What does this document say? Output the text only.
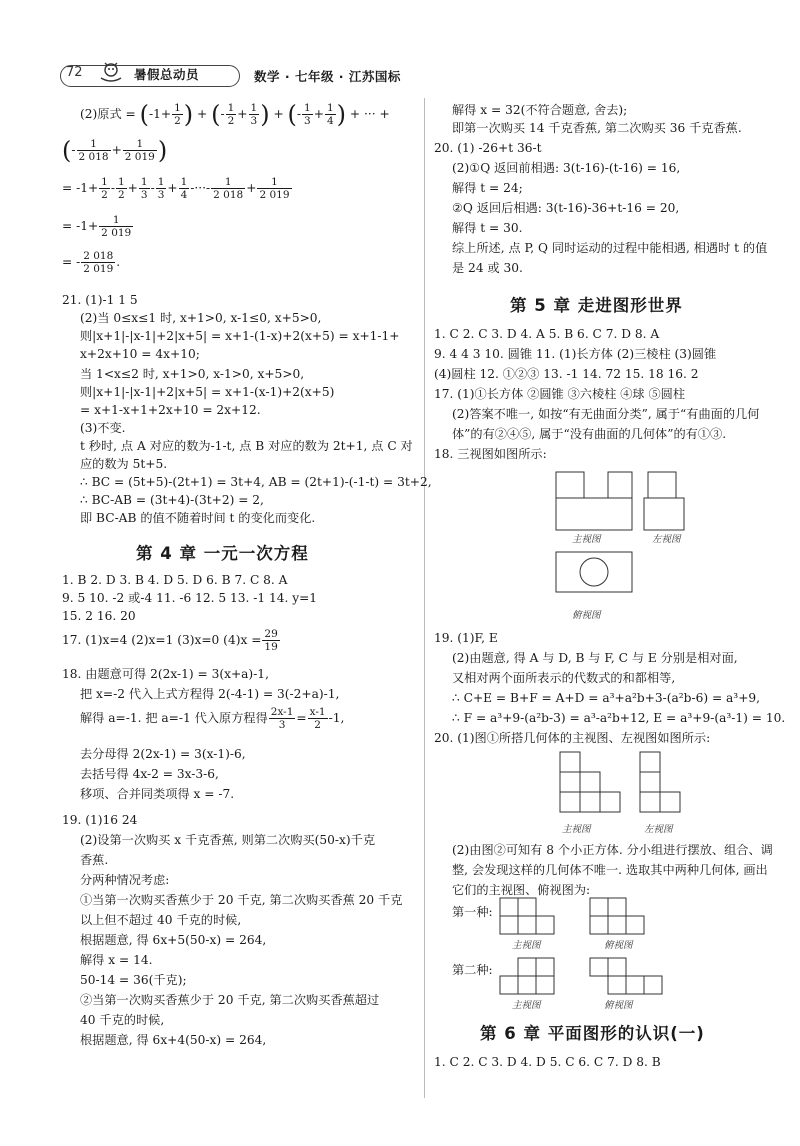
72	暑假总动员	数学 · 七年级 · 江苏国标
(2)原式 = ($-1+ \frac{1}{2}$ ) + (- $\frac{1}{2} + \frac{1}{3}$ ) + (- $\frac{1}{3} + \frac{1}{4}$ ) + ··· +
(- $\frac{1}{2 018} + \frac{1}{2 019}$ )
= $-1+ \frac{1}{2} - \frac{1}{2} + \frac{1}{3} - \frac{1}{3} + \frac{1}{4}$ -···- $\frac{1}{2 018} + \frac{1}{2 019}$
= $-1+ \frac{1}{2 019}$
= - $\frac{2 018}{2 019}$ .
21. (1)-1 1 5
(2)当 0≤x≤1 时, x+1>0, x-1≤0, x+5>0,
则|x+1|-|x-1|+2|x+5| = x+1-(1-x)+2(x+5) = x+1-1+
x+2x+10 = 4x+10;
当 1<x≤2 时, x+1>0, x-1>0, x+5>0,
则|x+1|-|x-1|+2|x+5| = x+1-(x-1)+2(x+5)
= x+1-x+1+2x+10 = 2x+12.
(3)不变.
t 秒时, 点 A 对应的数为-1-t, 点 B 对应的数为 2t+1, 点 C 对
应的数为 5t+5.
∴ BC = (5t+5)-(2t+1) = 3t+4, AB = (2t+1)-(-1-t) = 3t+2,
∴ BC-AB = (3t+4)-(3t+2) = 2,
即 BC-AB 的值不随着时间 t 的变化而变化.
第 4 章 一元一次方程
1. B 2. D 3. B 4. D 5. D 6. B 7. C 8. A
9. 5 10. -2 或-4 11. -6 12. 5 13. -1 14. y=1
15. 2 16. 20
17. (1)x=4 (2)x=1 (3)x=0 $(4)x = \frac{29}{19}$
18. 由题意可得 2(2x-1) = 3(x+a)-1,
把 x=-2 代入上式方程得 2(-4-1) = 3(-2+a)-1,
解得 a=-1. 把 a=-1 代入原方程得 $\frac{2x-1}{3} = \frac{x-1}{2} -1$,
去分母得 2(2x-1) = 3(x-1)-6,
去括号得 4x-2 = 3x-3-6,
移项、合并同类项得 x = -7.
19. (1)16 24
(2)设第一次购买 x 千克香蕉, 则第二次购买(50-x)千克
香蕉.
分两种情况考虑:
①当第一次购买香蕉少于 20 千克, 第二次购买香蕉 20 千克
以上但不超过 40 千克的时候,
根据题意, 得 6x+5(50-x) = 264,
解得 x = 14.
50-14 = 36(千克);
②当第一次购买香蕉少于 20 千克, 第二次购买香蕉超过
40 千克的时候,
根据题意, 得 6x+4(50-x) = 264,
解得 x = 32(不符合题意, 舍去);
即第一次购买 14 千克香蕉, 第二次购买 36 千克香蕉.
20. (1) -26+t 36-t
(2)①Q 返回前相遇: 3(t-16)-(t-16) = 16,
解得 t = 24;
②Q 返回后相遇: 3(t-16)-36+t-16 = 20,
解得 t = 30.
综上所述, 点 P, Q 同时运动的过程中能相遇, 相遇时 t 的值
是 24 或 30.
第 5 章 走进图形世界
1. C 2. C 3. D 4. A 5. B 6. C 7. D 8. A
9. 4 4 3 10. 圆锥 11. (1)长方体 (2)三棱柱 (3)圆锥
(4)圆柱 12. ①②③ 13. -1 14. 72 15. 18 16. 2
17. (1)①长方体 ②圆锥 ③六棱柱 ④球 ⑤圆柱
(2)答案不唯一, 如按“有无曲面分类”, 属于“有曲面的几何
体”的有②④⑤, 属于“没有曲面的几何体”的有①③.
18. 三视图如图所示:
主视图	左视图
俯视图
19. (1)F, E
(2)由题意, 得 A 与 D, B 与 F, C 与 E 分别是相对面,
又相对两个面所表示的代数式的和都相等,
∴ C+E = B+F = A+D = a³+a²b+3-(a²b-6) = a³+9,
∴ F = a³+9-(a²b-3) = a³-a²b+12, E = a³+9-(a³-1) = 10.
20. (1)图①所搭几何体的主视图、左视图如图所示:
主视图	左视图
(2)由图②可知有 8 个小正方体. 分小组进行摆放、组合、调
整, 会发现这样的几何体不唯一. 选取其中两种几何体, 画出
它们的主视图、俯视图为:
第一种:
主视图	俯视图
第二种:
主视图	俯视图
第 6 章 平面图形的认识(一)
1. C 2. C 3. D 4. D 5. C 6. C 7. D 8. B
